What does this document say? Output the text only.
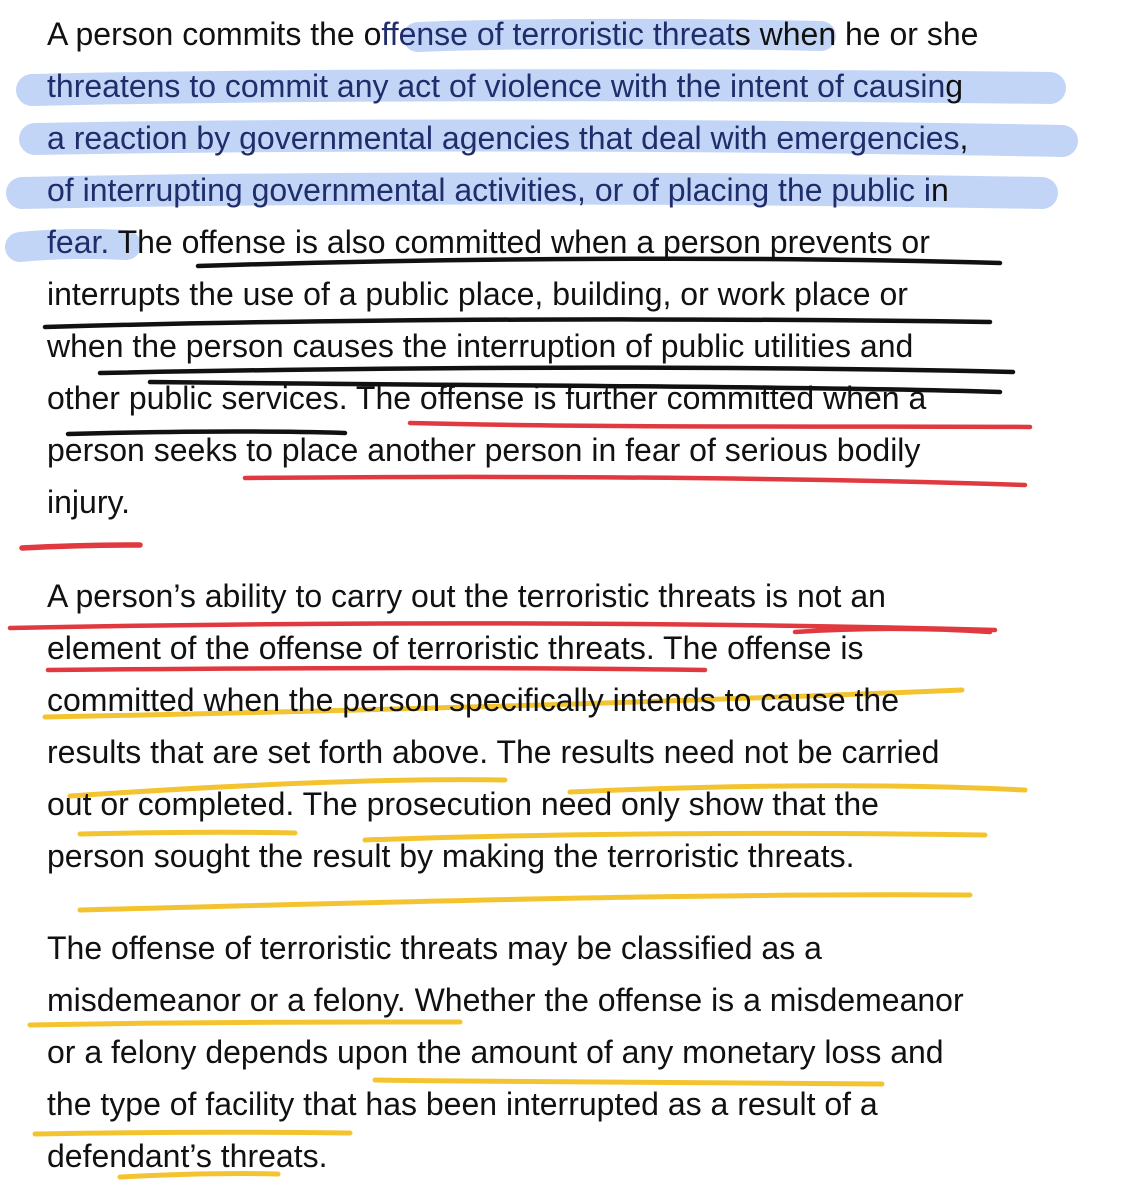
A person commits the offense of terroristic threats when he or she

threatens to commit any act of violence with the intent of causing

a reaction by governmental agencies that deal with emergencies,

of interrupting governmental activities, or of placing the public in

fear. The offense is also committed when a person prevents or

interrupts the use of a public place, building, or work place or

when the person causes the interruption of public utilities and

other public services. The offense is further committed when a

person seeks to place another person in fear of serious bodily

injury.

A person’s ability to carry out the terroristic threats is not an

element of the offense of terroristic threats. The offense is

committed when the person specifically intends to cause the

results that are set forth above. The results need not be carried

out or completed. The prosecution need only show that the

person sought the result by making the terroristic threats.

The offense of terroristic threats may be classified as a

misdemeanor or a felony. Whether the offense is a misdemeanor

or a felony depends upon the amount of any monetary loss and

the type of facility that has been interrupted as a result of a

defendant’s threats.
